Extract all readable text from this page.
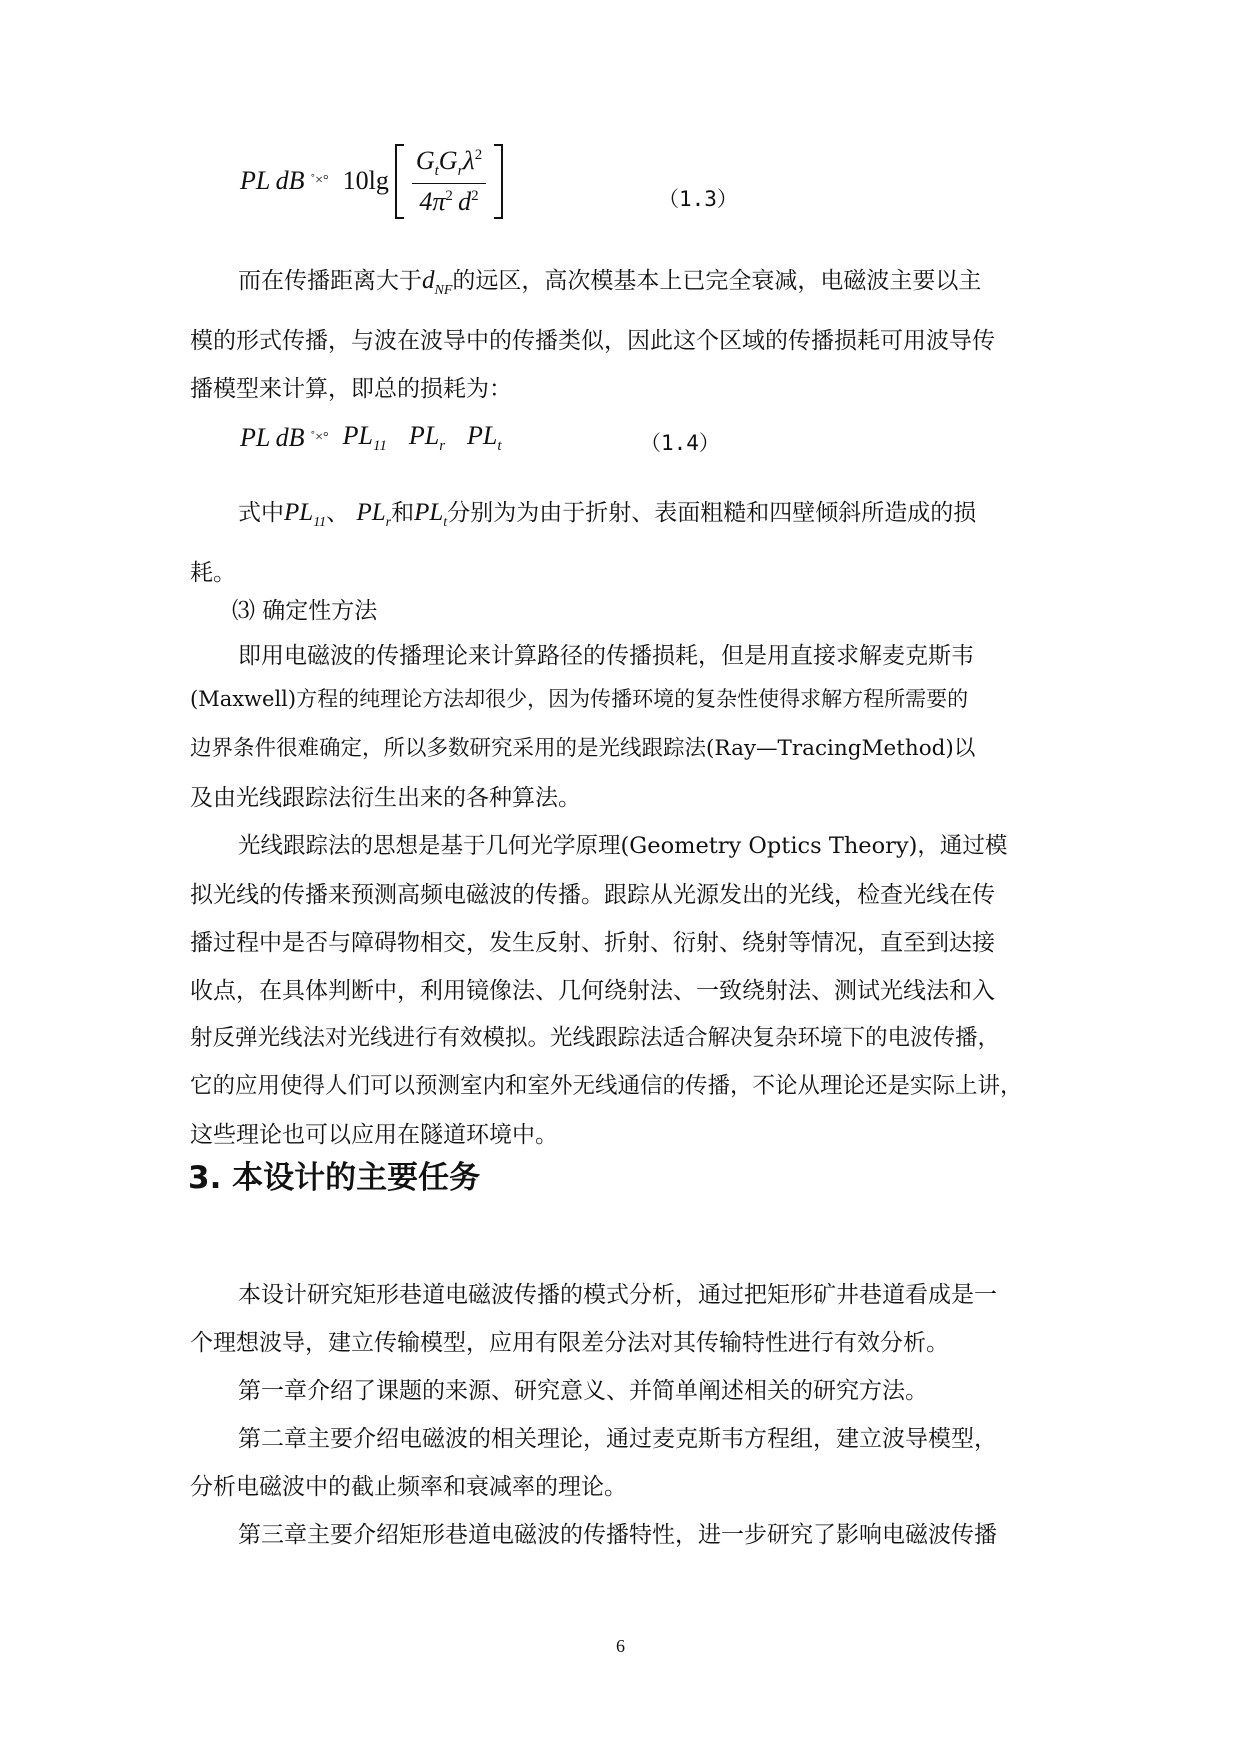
PL  dB ˚×° $10\lg \frac{G_tG_r\lambda^2}{4\pi^2 d^2}$	（1.3）
而在传播距离大于$d_{NF}$的远区，高次模基本上已完全衰减，电磁波主要以主
模的形式传播，与波在波导中的传播类似，因此这个区域的传播损耗可用波导传
播模型来计算，即总的损耗为：
PL  dB ˚×° $PL_{11}$ $PL_r$ $PL_t$	（1.4）
式中$PL_{11}$、 $PL_r$和$PL_t$分别为为由于折射、表面粗糙和四壁倾斜所造成的损
耗。
⑶ 确定性方法
即用电磁波的传播理论来计算路径的传播损耗，但是用直接求解麦克斯韦
(Maxwell)方程的纯理论方法却很少，因为传播环境的复杂性使得求解方程所需要的
边界条件很难确定，所以多数研究采用的是光线跟踪法(Ray—TracingMethod)以
及由光线跟踪法衍生出来的各种算法。
光线跟踪法的思想是基于几何光学原理(Geometry Optics Theory)，通过模
拟光线的传播来预测高频电磁波的传播。跟踪从光源发出的光线，检查光线在传
播过程中是否与障碍物相交，发生反射、折射、衍射、绕射等情况，直至到达接
收点，在具体判断中，利用镜像法、几何绕射法、一致绕射法、测试光线法和入
射反弹光线法对光线进行有效模拟。光线跟踪法适合解决复杂环境下的电波传播，
它的应用使得人们可以预测室内和室外无线通信的传播，不论从理论还是实际上讲，
这些理论也可以应用在隧道环境中。
3. 本设计的主要任务
本设计研究矩形巷道电磁波传播的模式分析，通过把矩形矿井巷道看成是一
个理想波导，建立传输模型，应用有限差分法对其传输特性进行有效分析。
第一章介绍了课题的来源、研究意义、并简单阐述相关的研究方法。
第二章主要介绍电磁波的相关理论，通过麦克斯韦方程组，建立波导模型，
分析电磁波中的截止频率和衰减率的理论。
第三章主要介绍矩形巷道电磁波的传播特性，进一步研究了影响电磁波传播
6
